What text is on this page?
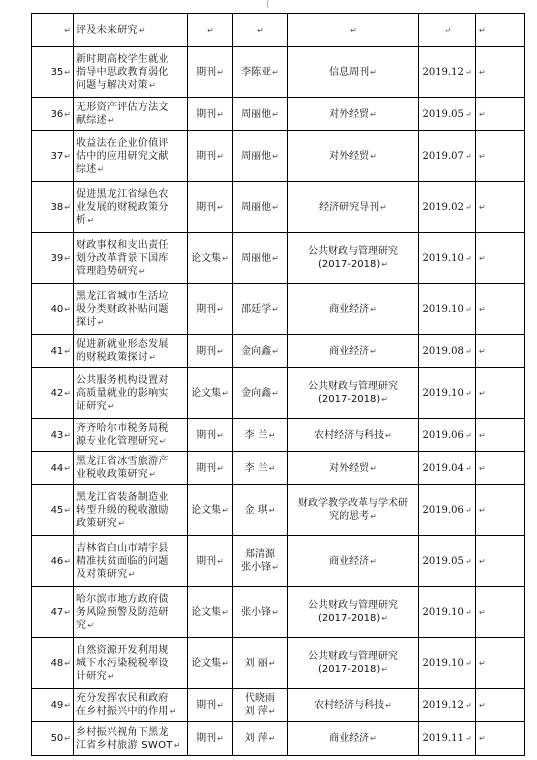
(
↵	评及未来研究↵	↵	↵	↵	↵	↵
35↵	新时期高校学生就业
指导中思政教育弱化
问题与解决对策↵	期刊↵	李陈亚↵	信息周刊↵	2019.12↵	↵
36↵	无形资产评估方法文
献综述↵	期刊↵	周丽他↵	对外经贸↵	2019.05↵	↵
37↵	收益法在企业价值评
估中的应用研究文献
综述↵	期刊↵	周丽他↵	对外经贸↵	2019.07↵	↵
38↵	促进黑龙江省绿色农
业发展的财税政策分
析↵	期刊↵	周丽他↵	经济研究导刊↵	2019.02↵	↵
39↵	财政事权和支出责任
划分改革背景下国库
管理趋势研究↵	论文集↵	周丽他↵	公共财政与管理研究
(2017-2018)↵	2019.10↵	↵
40↵	黑龙江省城市生活垃
圾分类财政补贴问题
探讨↵	期刊↵	邵廷学↵	商业经济↵	2019.10↵	↵
41↵	促进新就业形态发展
的财税政策探讨↵	期刊↵	金向鑫↵	商业经济↵	2019.08↵	↵
42↵	公共服务机构设置对
高质量就业的影响实
证研究↵	论文集↵	金向鑫↵	公共财政与管理研究
(2017-2018)↵	2019.10↵	↵
43↵	齐齐哈尔市税务局税
源专业化管理研究↵	期刊↵	李 兰↵	农村经济与科技↵	2019.06↵	↵
44↵	黑龙江省冰雪旅游产
业税收政策研究↵	期刊↵	李 兰↵	对外经贸↵	2019.04↵	↵
45↵	黑龙江省装备制造业
转型升级的税收激励
政策研究↵	论文集↵	金 琪↵	财政学教学改革与学术研
究的思考↵	2019.06↵	↵
46↵	吉林省白山市靖宇县
精准扶贫面临的问题
及对策研究↵	期刊↵	郑清源
张小锋↵	商业经济↵	2019.05↵	↵
47↵	哈尔滨市地方政府债
务风险预警及防范研
究↵	论文集↵	张小锋↵	公共财政与管理研究
(2017-2018)↵	2019.10↵	↵
48↵	自然资源开发利用规
城下水污染税税率设
计研究↵	论文集↵	刘 丽↵	公共财政与管理研究
(2017-2018)↵	2019.10↵	↵
49↵	充分发挥农民和政府
在乡村振兴中的作用↵	期刊↵	代晓雨
刘 萍↵	农村经济与科技↵	2019.12↵	↵
50↵	乡村振兴视角下黑龙
江省乡村旅游 SWOT↵	期刊↵	刘 萍↵	商业经济↵	2019.11↵	↵
